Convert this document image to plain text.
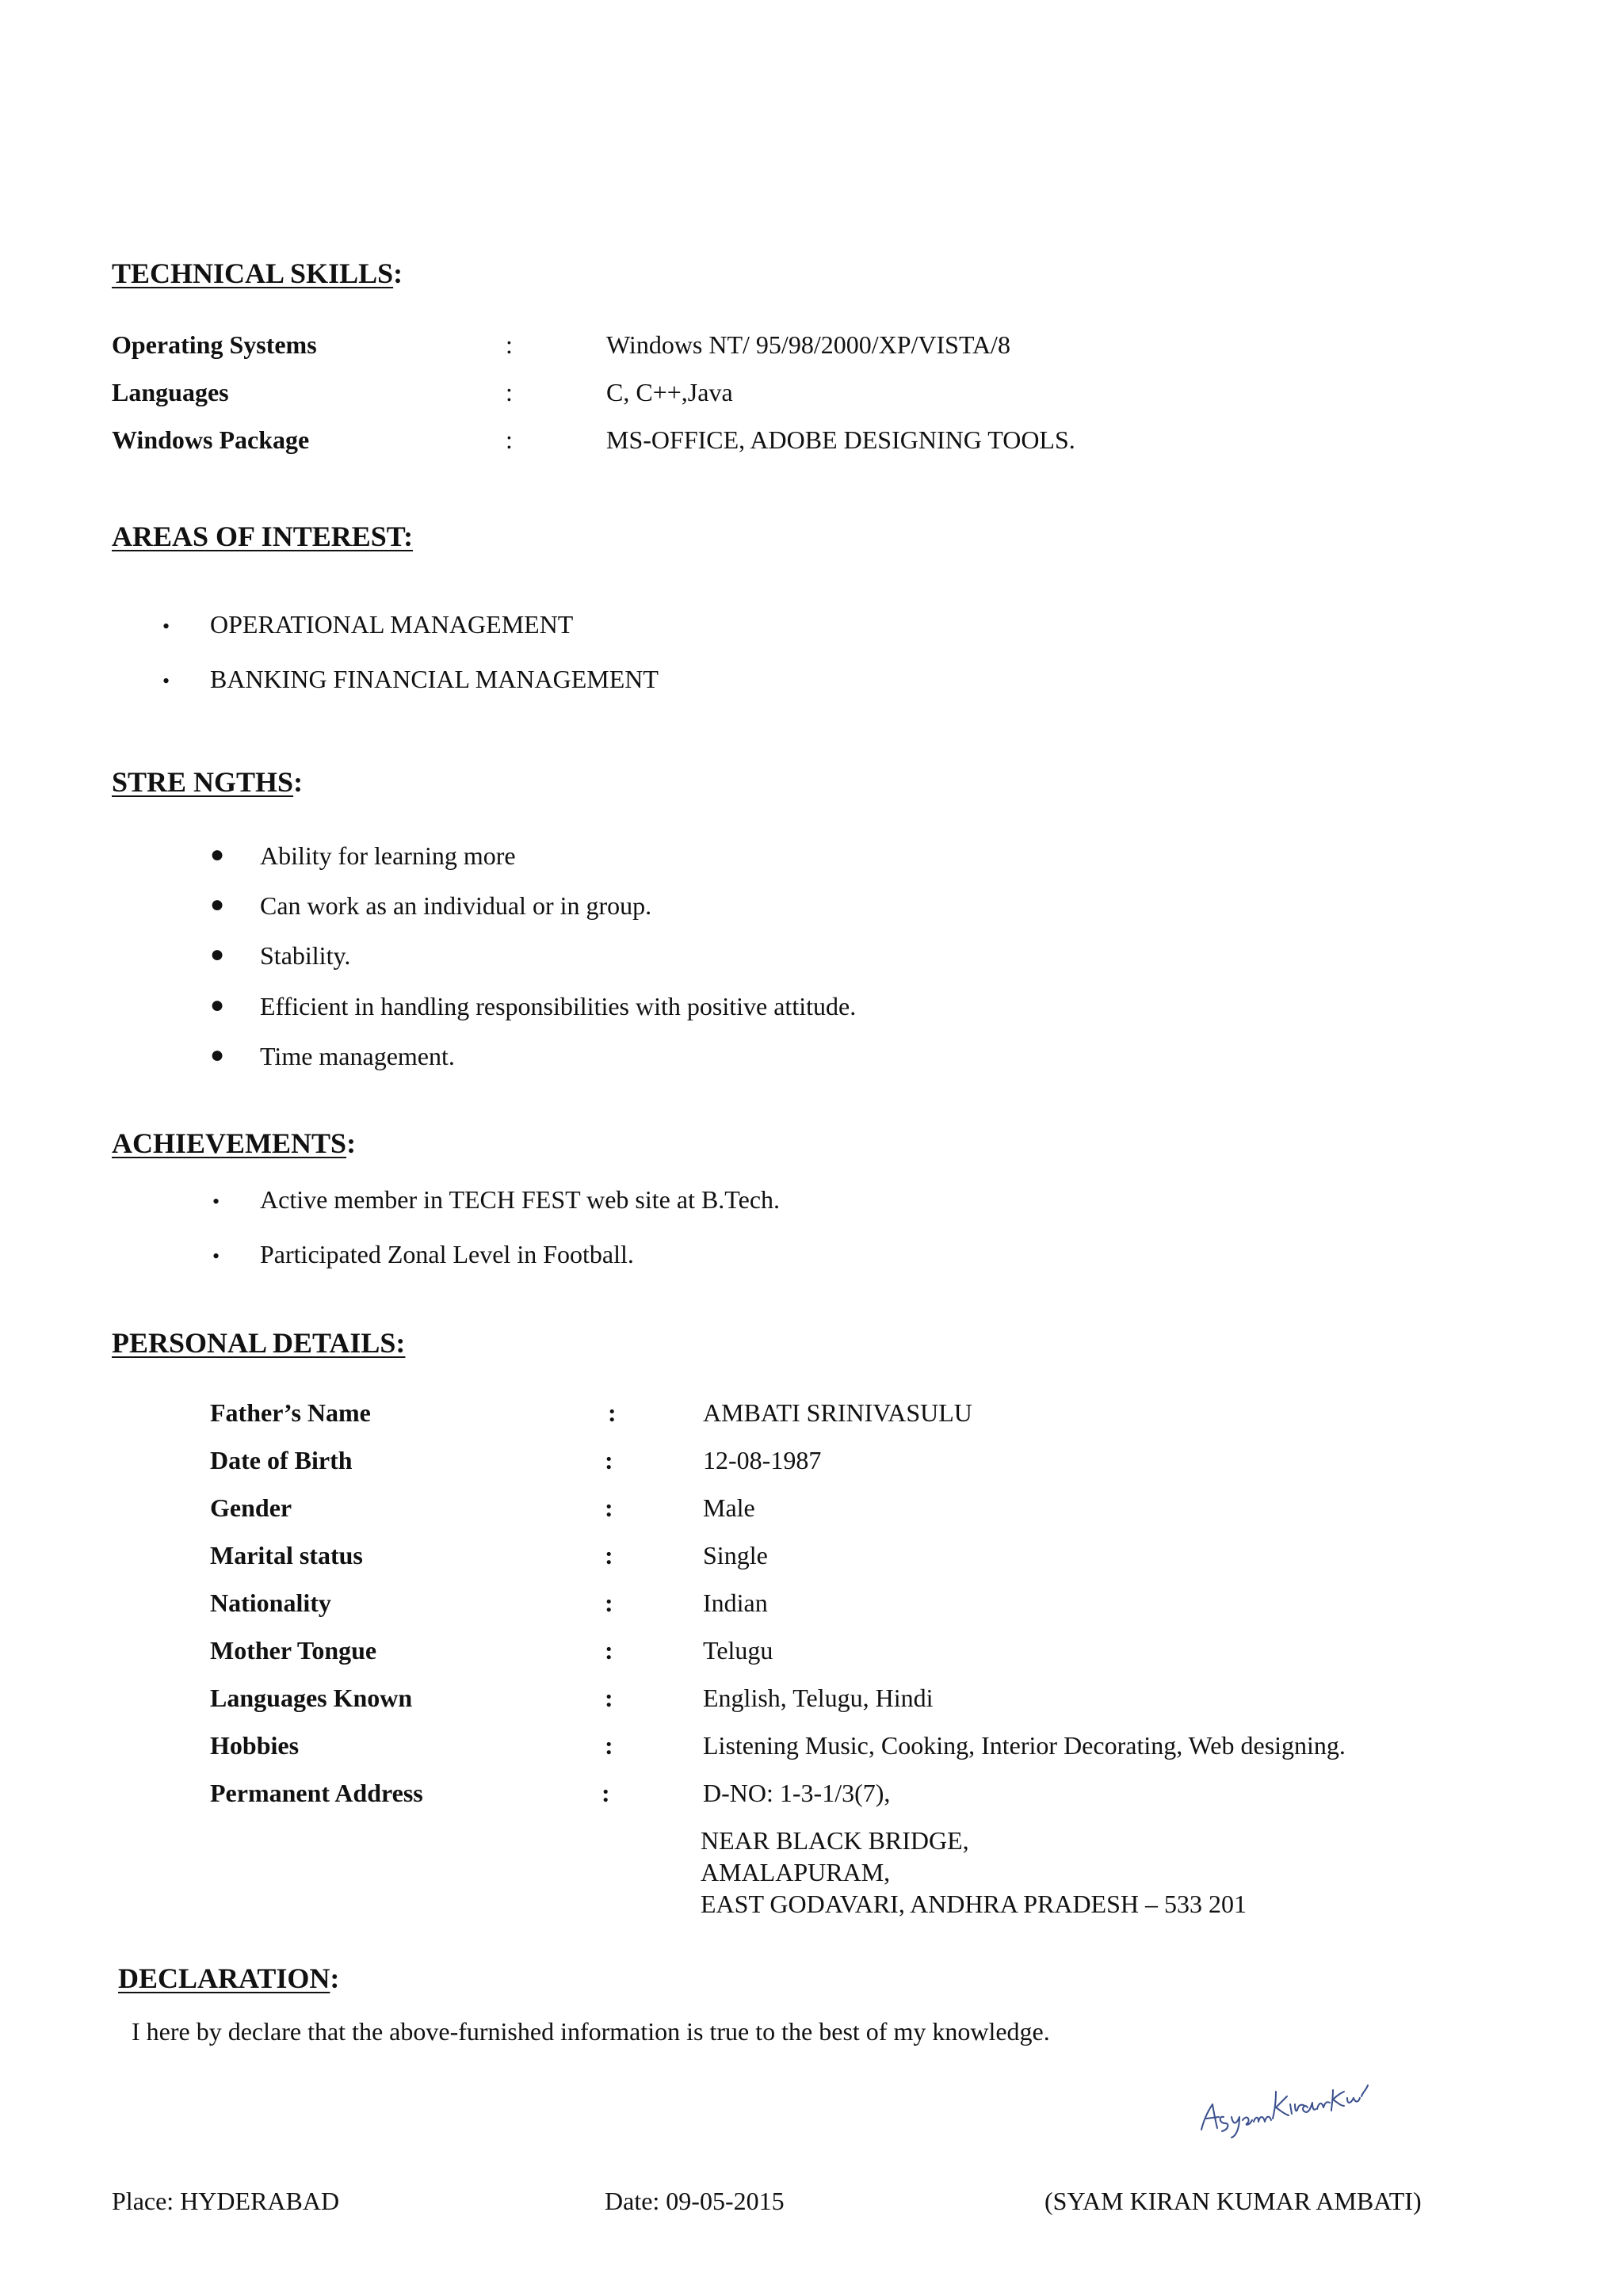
TECHNICAL SKILLS:
Operating Systems	:	Windows NT/ 95/98/2000/XP/VISTA/8
Languages	:	C, C++,Java
Windows Package	:	MS-OFFICE, ADOBE DESIGNING TOOLS.
AREAS OF INTEREST:
• OPERATIONAL MANAGEMENT
• BANKING FINANCIAL MANAGEMENT
STRE NGTHS:
● Ability for learning more
● Can work as an individual or in group.
● Stability.
● Efficient in handling responsibilities with positive attitude.
● Time management.
ACHIEVEMENTS:
• Active member in TECH FEST web site at B.Tech.
• Participated Zonal Level in Football.
PERSONAL DETAILS:
Father’s Name	:	AMBATI SRINIVASULU
Date of Birth	:	12-08-1987
Gender	:	Male
Marital status	:	Single
Nationality	:	Indian
Mother Tongue	:	Telugu
Languages Known	:	English, Telugu, Hindi
Hobbies	:	Listening Music, Cooking, Interior Decorating, Web designing.
Permanent Address	:	D-NO: 1-3-1/3(7),
NEAR BLACK BRIDGE,
AMALAPURAM,
EAST GODAVARI, ANDHRA PRADESH – 533 201
DECLARATION:
I here by declare that the above-furnished information is true to the best of my knowledge.
Place: HYDERABAD	Date: 09-05-2015	(SYAM KIRAN KUMAR AMBATI)
